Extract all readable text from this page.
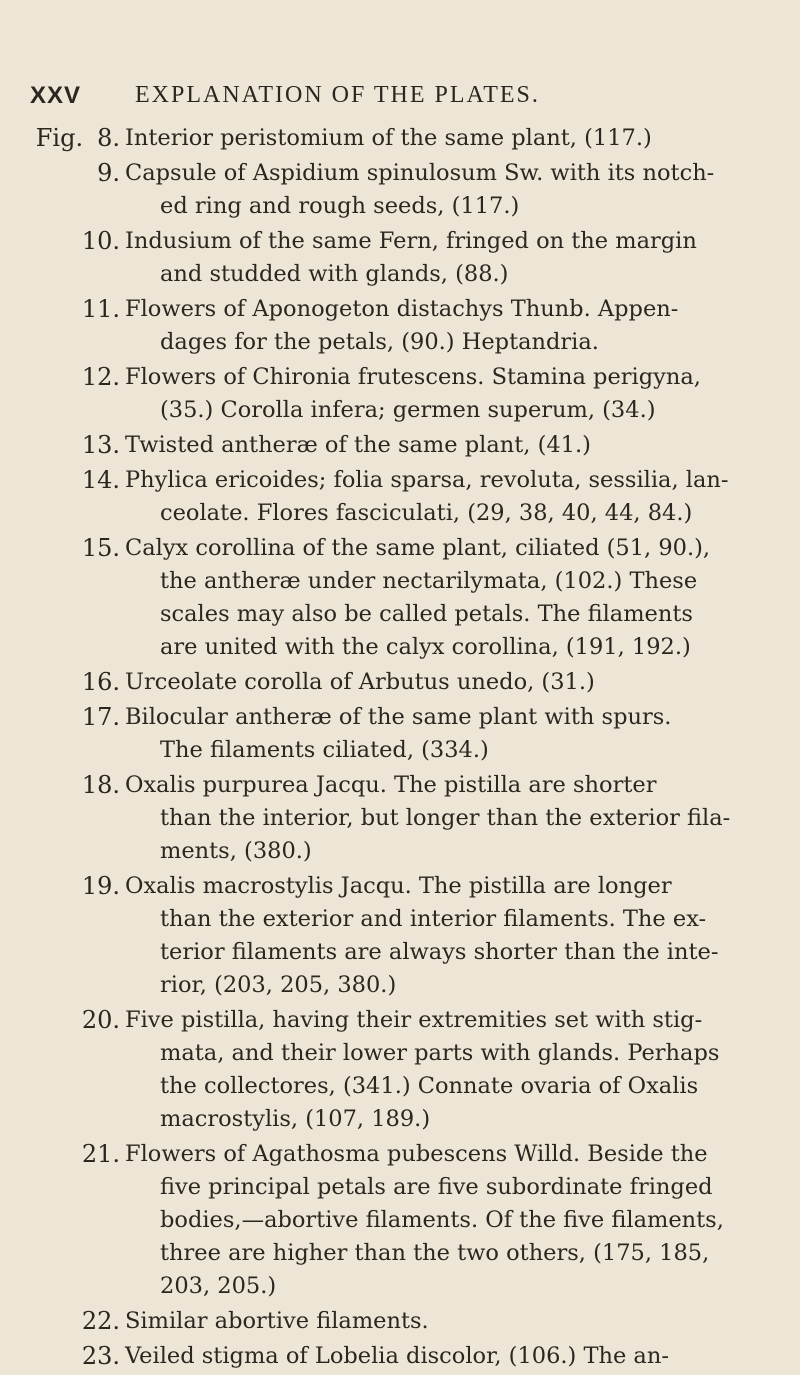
XXV EXPLANATION OF THE PLATES.
Fig. 8. Interior peristomium of the same plant, (117.)
9. Capsule of Aspidium spinulosum Sw. with its notch-
ed ring and rough seeds, (117.)
10. Indusium of the same Fern, fringed on the margin
and studded with glands, (88.)
11. Flowers of Aponogeton distachys Thunb. Appen-
dages for the petals, (90.) Heptandria.
12. Flowers of Chironia frutescens. Stamina perigyna,
(35.) Corolla infera; germen superum, (34.)
13. Twisted antheræ of the same plant, (41.)
14. Phylica ericoides; folia sparsa, revoluta, sessilia, lan-
ceolate. Flores fasciculati, (29, 38, 40, 44, 84.)
15. Calyx corollina of the same plant, ciliated (51, 90.),
the antheræ under nectarilymata, (102.) These
scales may also be called petals. The filaments
are united with the calyx corollina, (191, 192.)
16. Urceolate corolla of Arbutus unedo, (31.)
17. Bilocular antheræ of the same plant with spurs.
The filaments ciliated, (334.)
18. Oxalis purpurea Jacqu. The pistilla are shorter
than the interior, but longer than the exterior fila-
ments, (380.)
19. Oxalis macrostylis Jacqu. The pistilla are longer
than the exterior and interior filaments. The ex-
terior filaments are always shorter than the inte-
rior, (203, 205, 380.)
20. Five pistilla, having their extremities set with stig-
mata, and their lower parts with glands. Perhaps
the collectores, (341.) Connate ovaria of Oxalis
macrostylis, (107, 189.)
21. Flowers of Agathosma pubescens Willd. Beside the
five principal petals are five subordinate fringed
bodies,—abortive filaments. Of the five filaments,
three are higher than the two others, (175, 185,
203, 205.)
22. Similar abortive filaments.
23. Veiled stigma of Lobelia discolor, (106.) The an-
